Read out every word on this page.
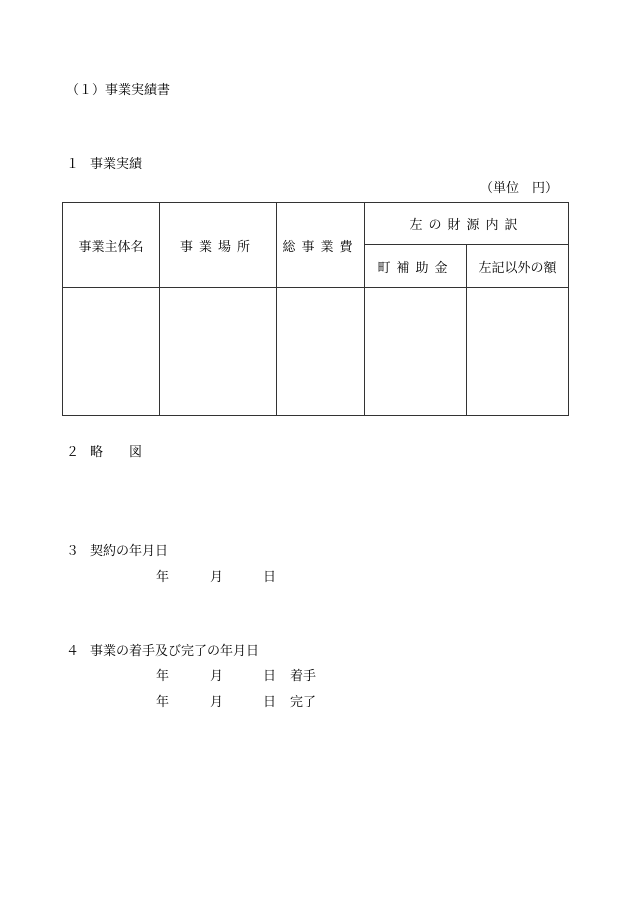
（１）事業実績書
１ 事業実績
（単位　円）
事業主体名	事業場所	総事業費	左の財源内訳	
			町補助金	左記以外の額

２ 略　　図
３ 契約の年月日
年	月	日
４ 事業の着手及び完了の年月日
年	月	日 着手
年	月	日 完了
